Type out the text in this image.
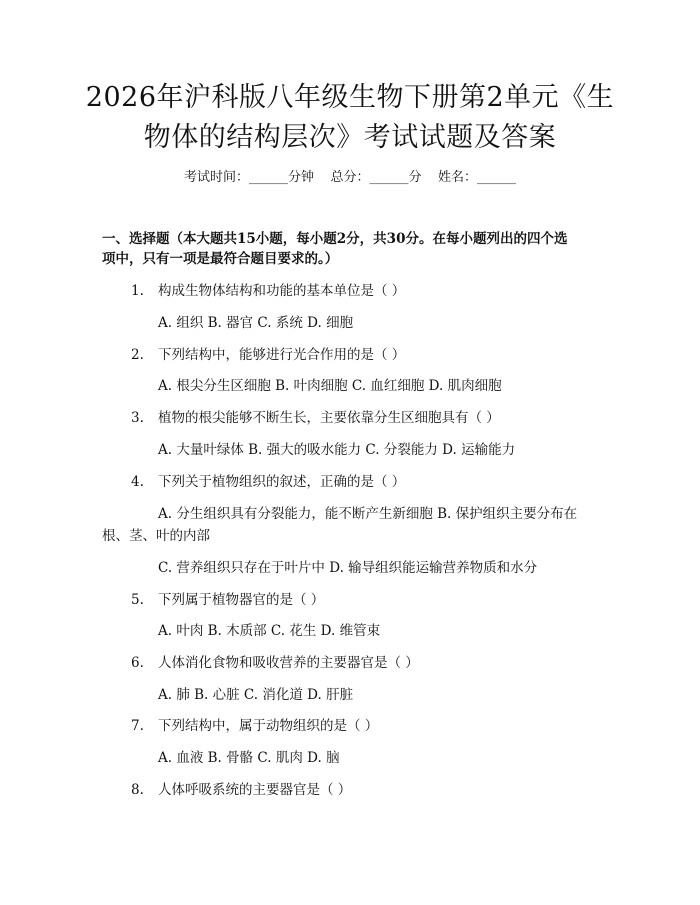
2026年沪科版八年级生物下册第2单元《生
物体的结构层次》考试试题及答案
考试时间：______分钟    总分：______分    姓名：______
一、选择题（本大题共15小题，每小题2分，共30分。在每小题列出的四个选
项中，只有一项是最符合题目要求的。）
1. 构成生物体结构和功能的基本单位是（ ）
A. 组织 B. 器官 C. 系统 D. 细胞
2. 下列结构中，能够进行光合作用的是（ ）
A. 根尖分生区细胞 B. 叶肉细胞 C. 血红细胞 D. 肌肉细胞
3. 植物的根尖能够不断生长，主要依靠分生区细胞具有（ ）
A. 大量叶绿体 B. 强大的吸水能力 C. 分裂能力 D. 运输能力
4. 下列关于植物组织的叙述，正确的是（ ）
A. 分生组织具有分裂能力，能不断产生新细胞 B. 保护组织主要分布在
根、茎、叶的内部
C. 营养组织只存在于叶片中 D. 输导组织能运输营养物质和水分
5. 下列属于植物器官的是（ ）
A. 叶肉 B. 木质部 C. 花生 D. 维管束
6. 人体消化食物和吸收营养的主要器官是（ ）
A. 肺 B. 心脏 C. 消化道 D. 肝脏
7. 下列结构中，属于动物组织的是（ ）
A. 血液 B. 骨骼 C. 肌肉 D. 脑
8. 人体呼吸系统的主要器官是（ ）
